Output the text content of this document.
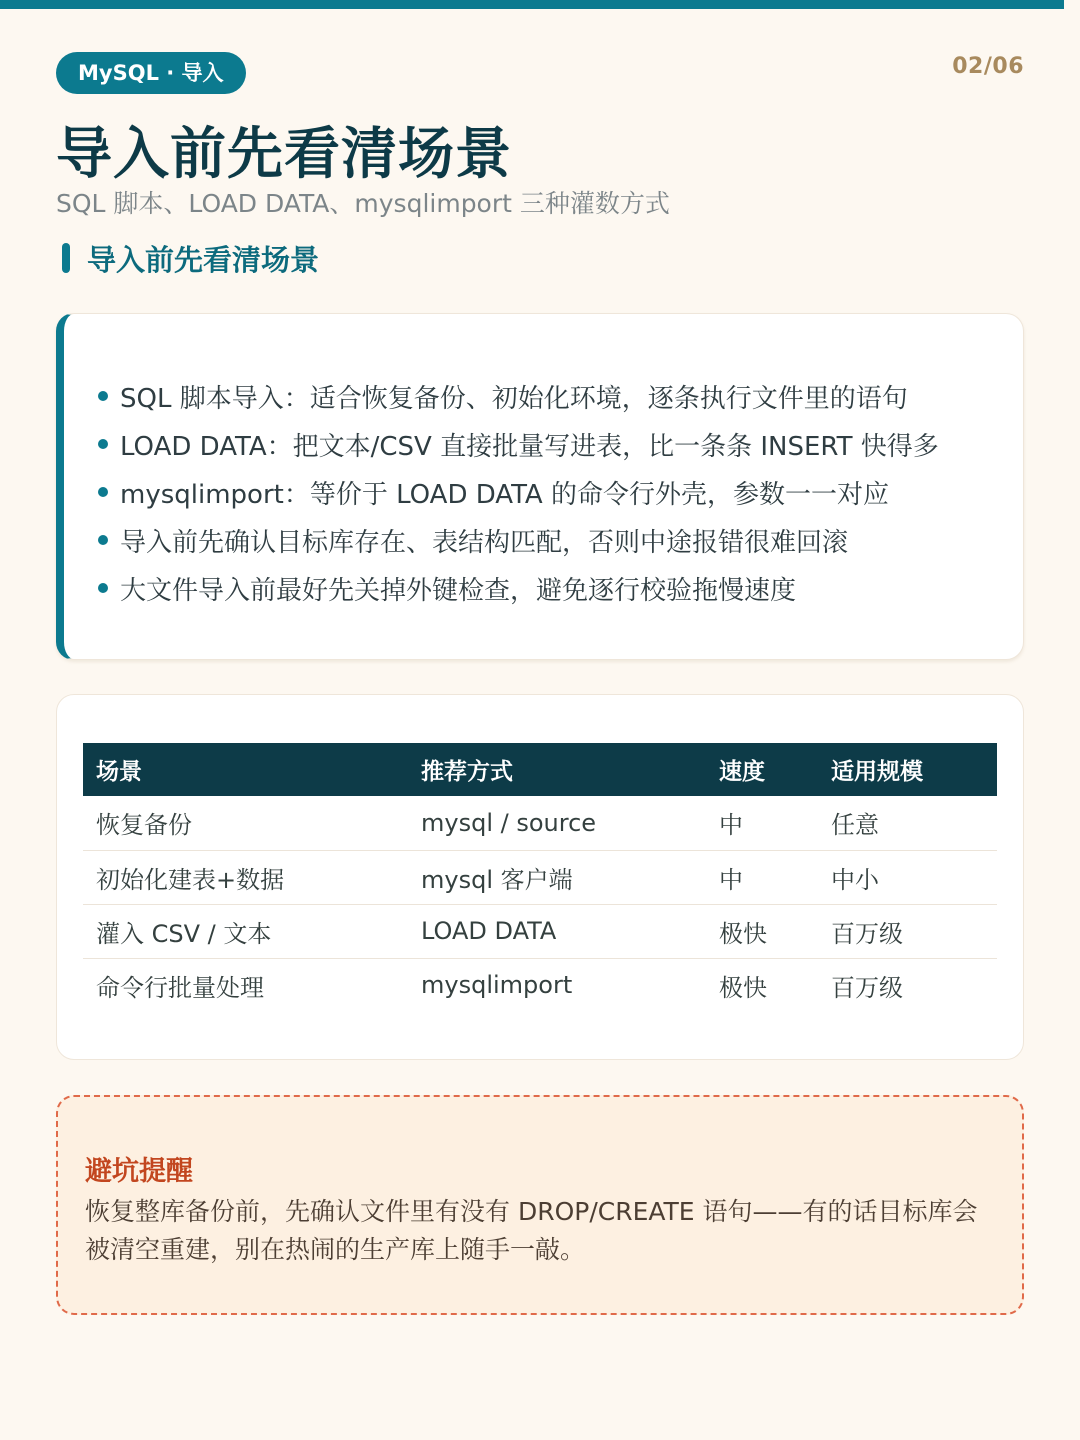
MySQL · 导入	02/06
导入前先看清场景
SQL 脚本、LOAD DATA、mysqlimport 三种灌数方式
导入前先看清场景
SQL 脚本导入：适合恢复备份、初始化环境，逐条执行文件里的语句
LOAD DATA：把文本/CSV 直接批量写进表，比一条条 INSERT 快得多
mysqlimport：等价于 LOAD DATA 的命令行外壳，参数一一对应
导入前先确认目标库存在、表结构匹配，否则中途报错很难回滚
大文件导入前最好先关掉外键检查，避免逐行校验拖慢速度
场景	推荐方式	速度	适用规模
恢复备份	mysql / source	中	任意
初始化建表+数据	mysql 客户端	中	中小
灌入 CSV / 文本	LOAD DATA	极快	百万级
命令行批量处理	mysqlimport	极快	百万级
避坑提醒

恢复整库备份前，先确认文件里有没有 DROP/CREATE 语句——有的话目标库会被清空重建，别在热闹的生产库上随手一敲。
